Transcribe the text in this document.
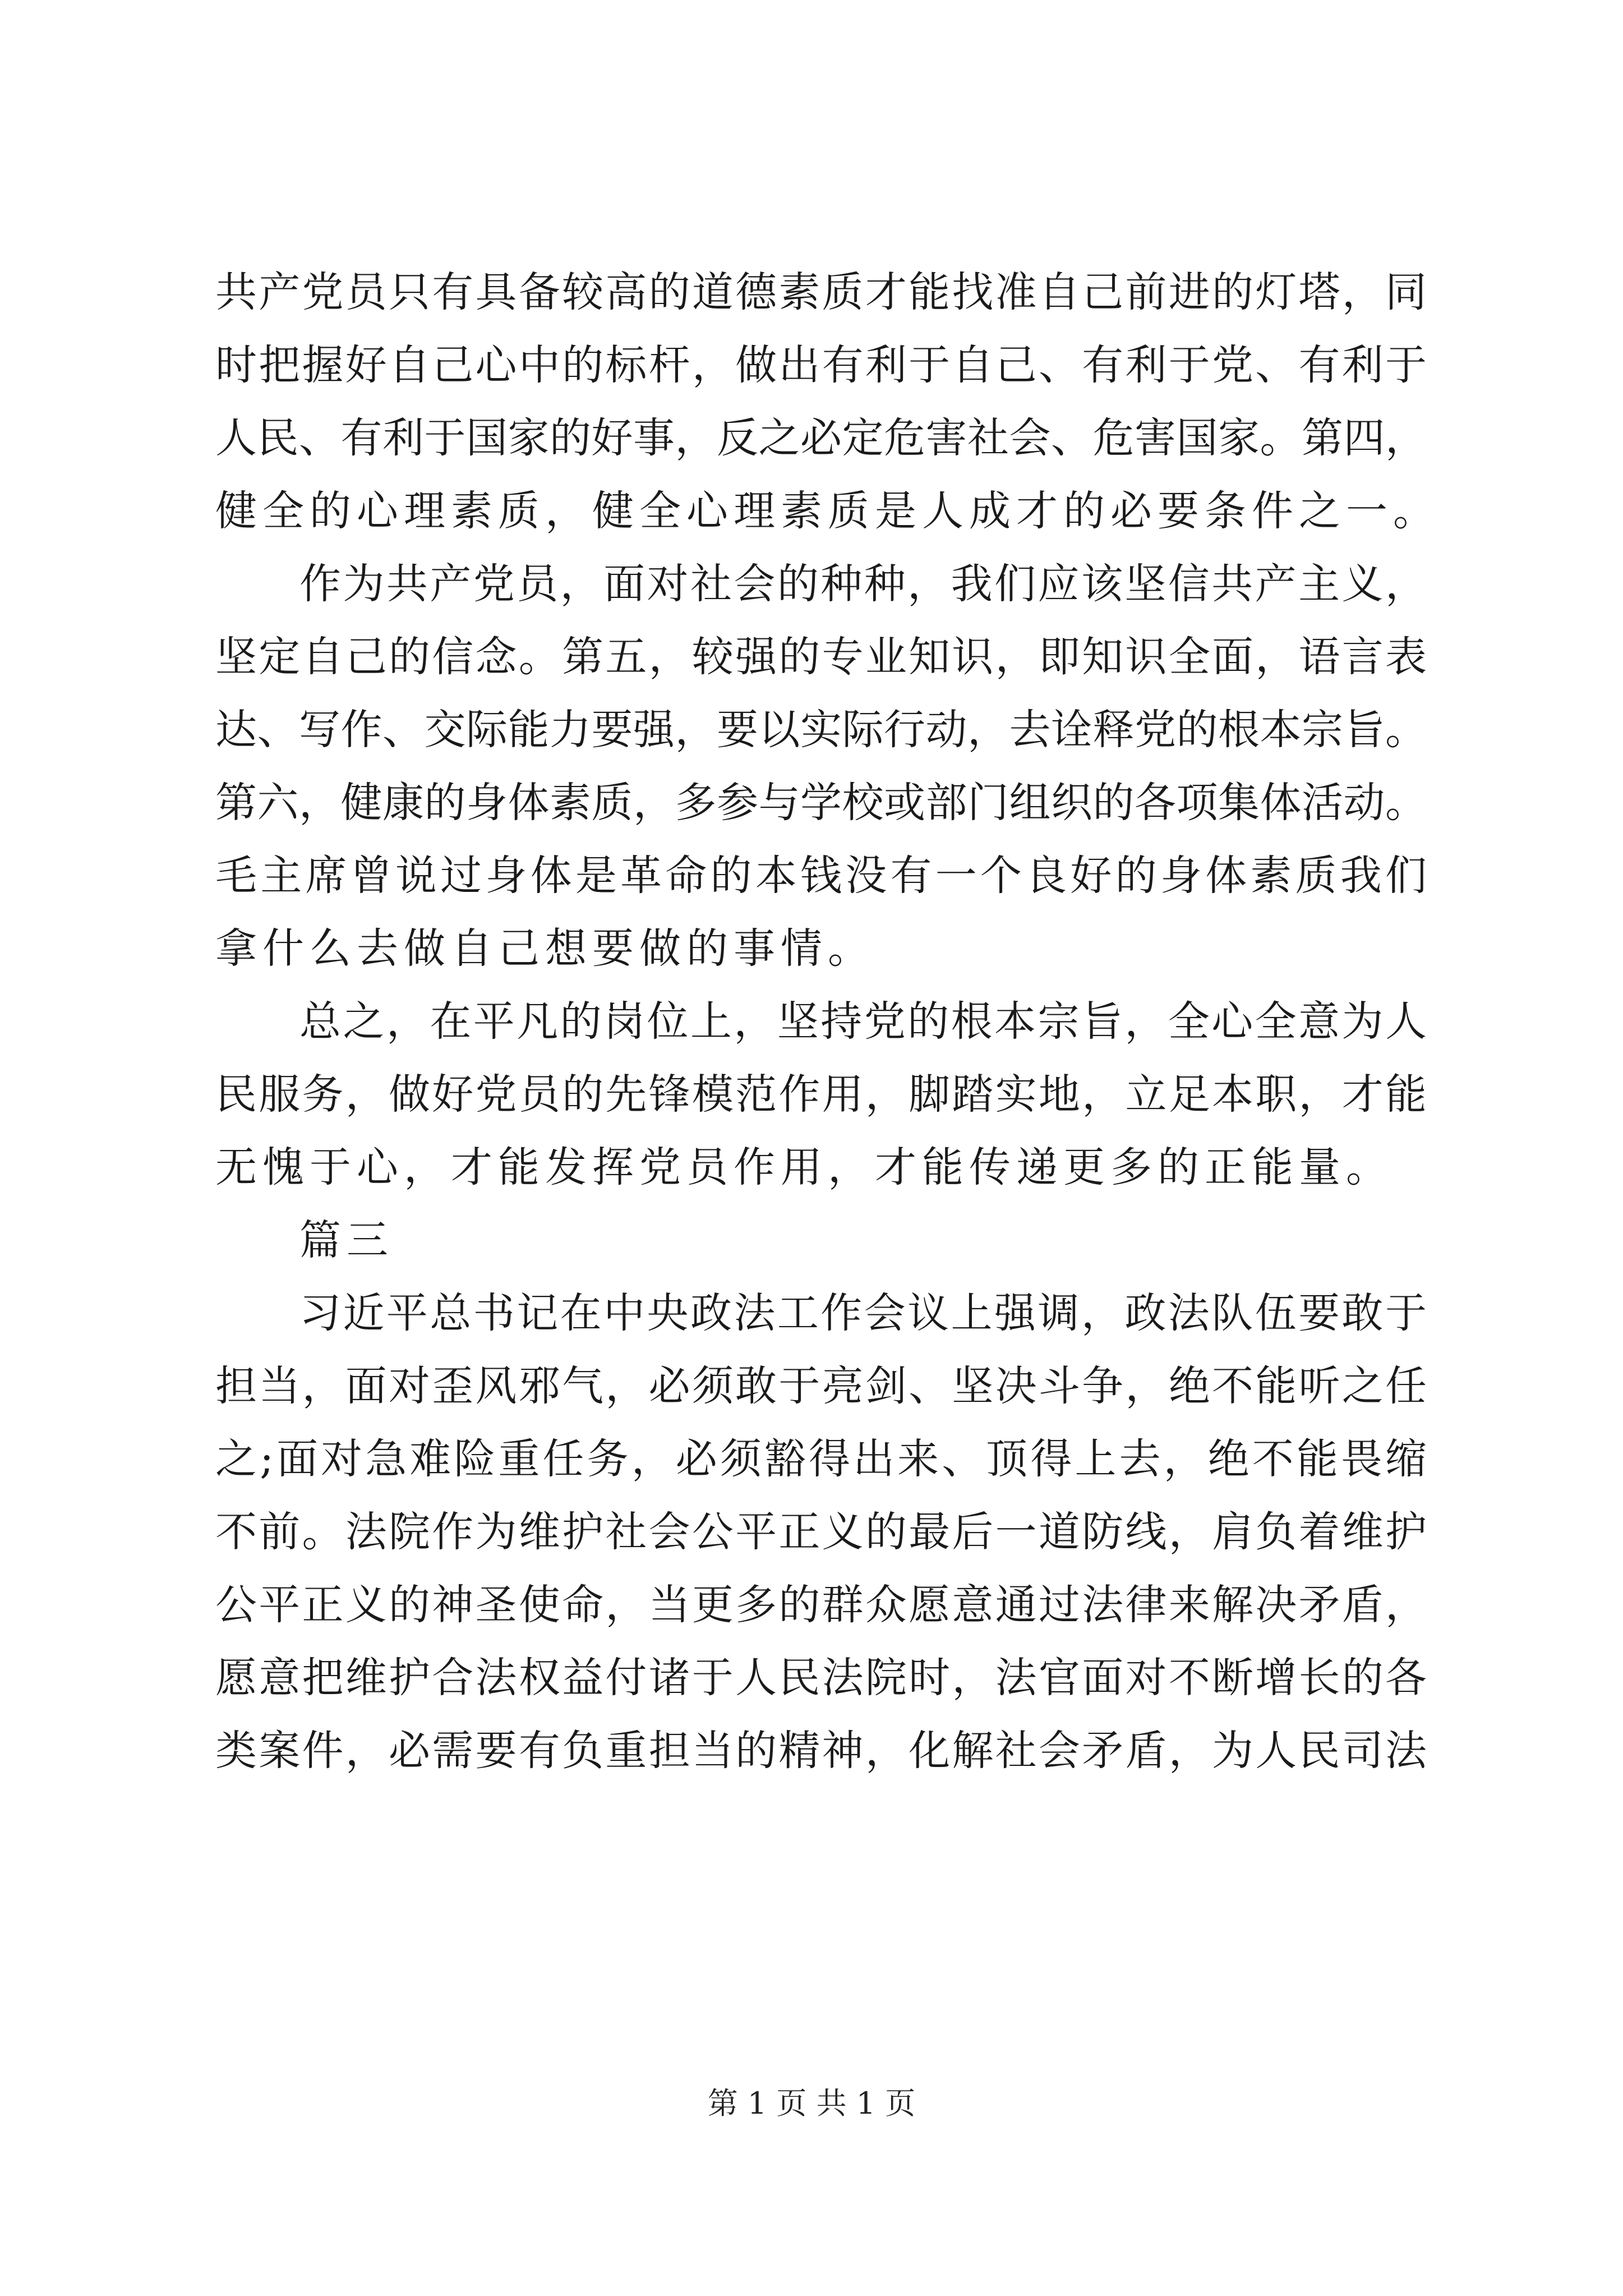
共产党员只有具备较高的道德素质才能找准自己前进的灯塔，同
时把握好自己心中的标杆，做出有利于自己、有利于党、有利于
人民、有利于国家的好事，反之必定危害社会、危害国家。第四，
健全的心理素质，健全心理素质是人成才的必要条件之一。
作为共产党员，面对社会的种种，我们应该坚信共产主义，
坚定自己的信念。第五，较强的专业知识，即知识全面，语言表
达、写作、交际能力要强，要以实际行动，去诠释党的根本宗旨。
第六，健康的身体素质，多参与学校或部门组织的各项集体活动。
毛主席曾说过身体是革命的本钱没有一个良好的身体素质我们
拿什么去做自己想要做的事情。
总之，在平凡的岗位上，坚持党的根本宗旨，全心全意为人
民服务，做好党员的先锋模范作用，脚踏实地，立足本职，才能
无愧于心，才能发挥党员作用，才能传递更多的正能量。
篇三
习近平总书记在中央政法工作会议上强调，政法队伍要敢于
担当，面对歪风邪气，必须敢于亮剑、坚决斗争，绝不能听之任
之;面对急难险重任务，必须豁得出来、顶得上去，绝不能畏缩
不前。法院作为维护社会公平正义的最后一道防线，肩负着维护
公平正义的神圣使命，当更多的群众愿意通过法律来解决矛盾，
愿意把维护合法权益付诸于人民法院时，法官面对不断增长的各
类案件，必需要有负重担当的精神，化解社会矛盾，为人民司法
第 1 页 共 1 页
